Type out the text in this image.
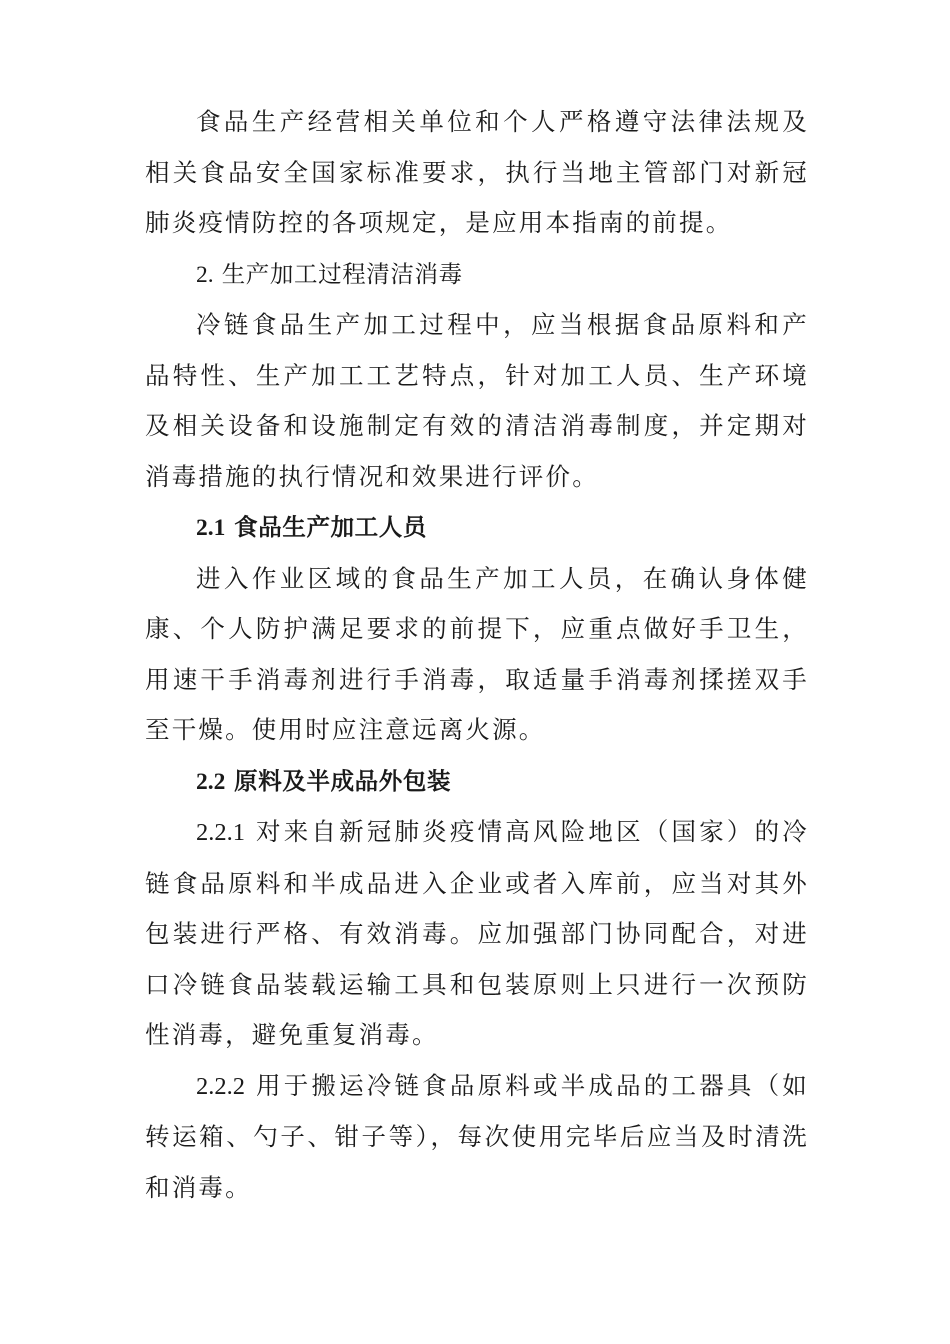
食品生产经营相关单位和个人严格遵守法律法规及相关食品安全国家标准要求，执行当地主管部门对新冠肺炎疫情防控的各项规定，是应用本指南的前提。

2. 生产加工过程清洁消毒

冷链食品生产加工过程中，应当根据食品原料和产品特性、生产加工工艺特点，针对加工人员、生产环境及相关设备和设施制定有效的清洁消毒制度，并定期对消毒措施的执行情况和效果进行评价。

2.1 食品生产加工人员

进入作业区域的食品生产加工人员，在确认身体健康、个人防护满足要求的前提下，应重点做好手卫生，用速干手消毒剂进行手消毒，取适量手消毒剂揉搓双手至干燥。使用时应注意远离火源。

2.2 原料及半成品外包装

2.2.1 对来自新冠肺炎疫情高风险地区（国家）的冷链食品原料和半成品进入企业或者入库前，应当对其外包装进行严格、有效消毒。应加强部门协同配合，对进口冷链食品装载运输工具和包装原则上只进行一次预防性消毒，避免重复消毒。

2.2.2 用于搬运冷链食品原料或半成品的工器具（如转运箱、勺子、钳子等），每次使用完毕后应当及时清洗和消毒。
